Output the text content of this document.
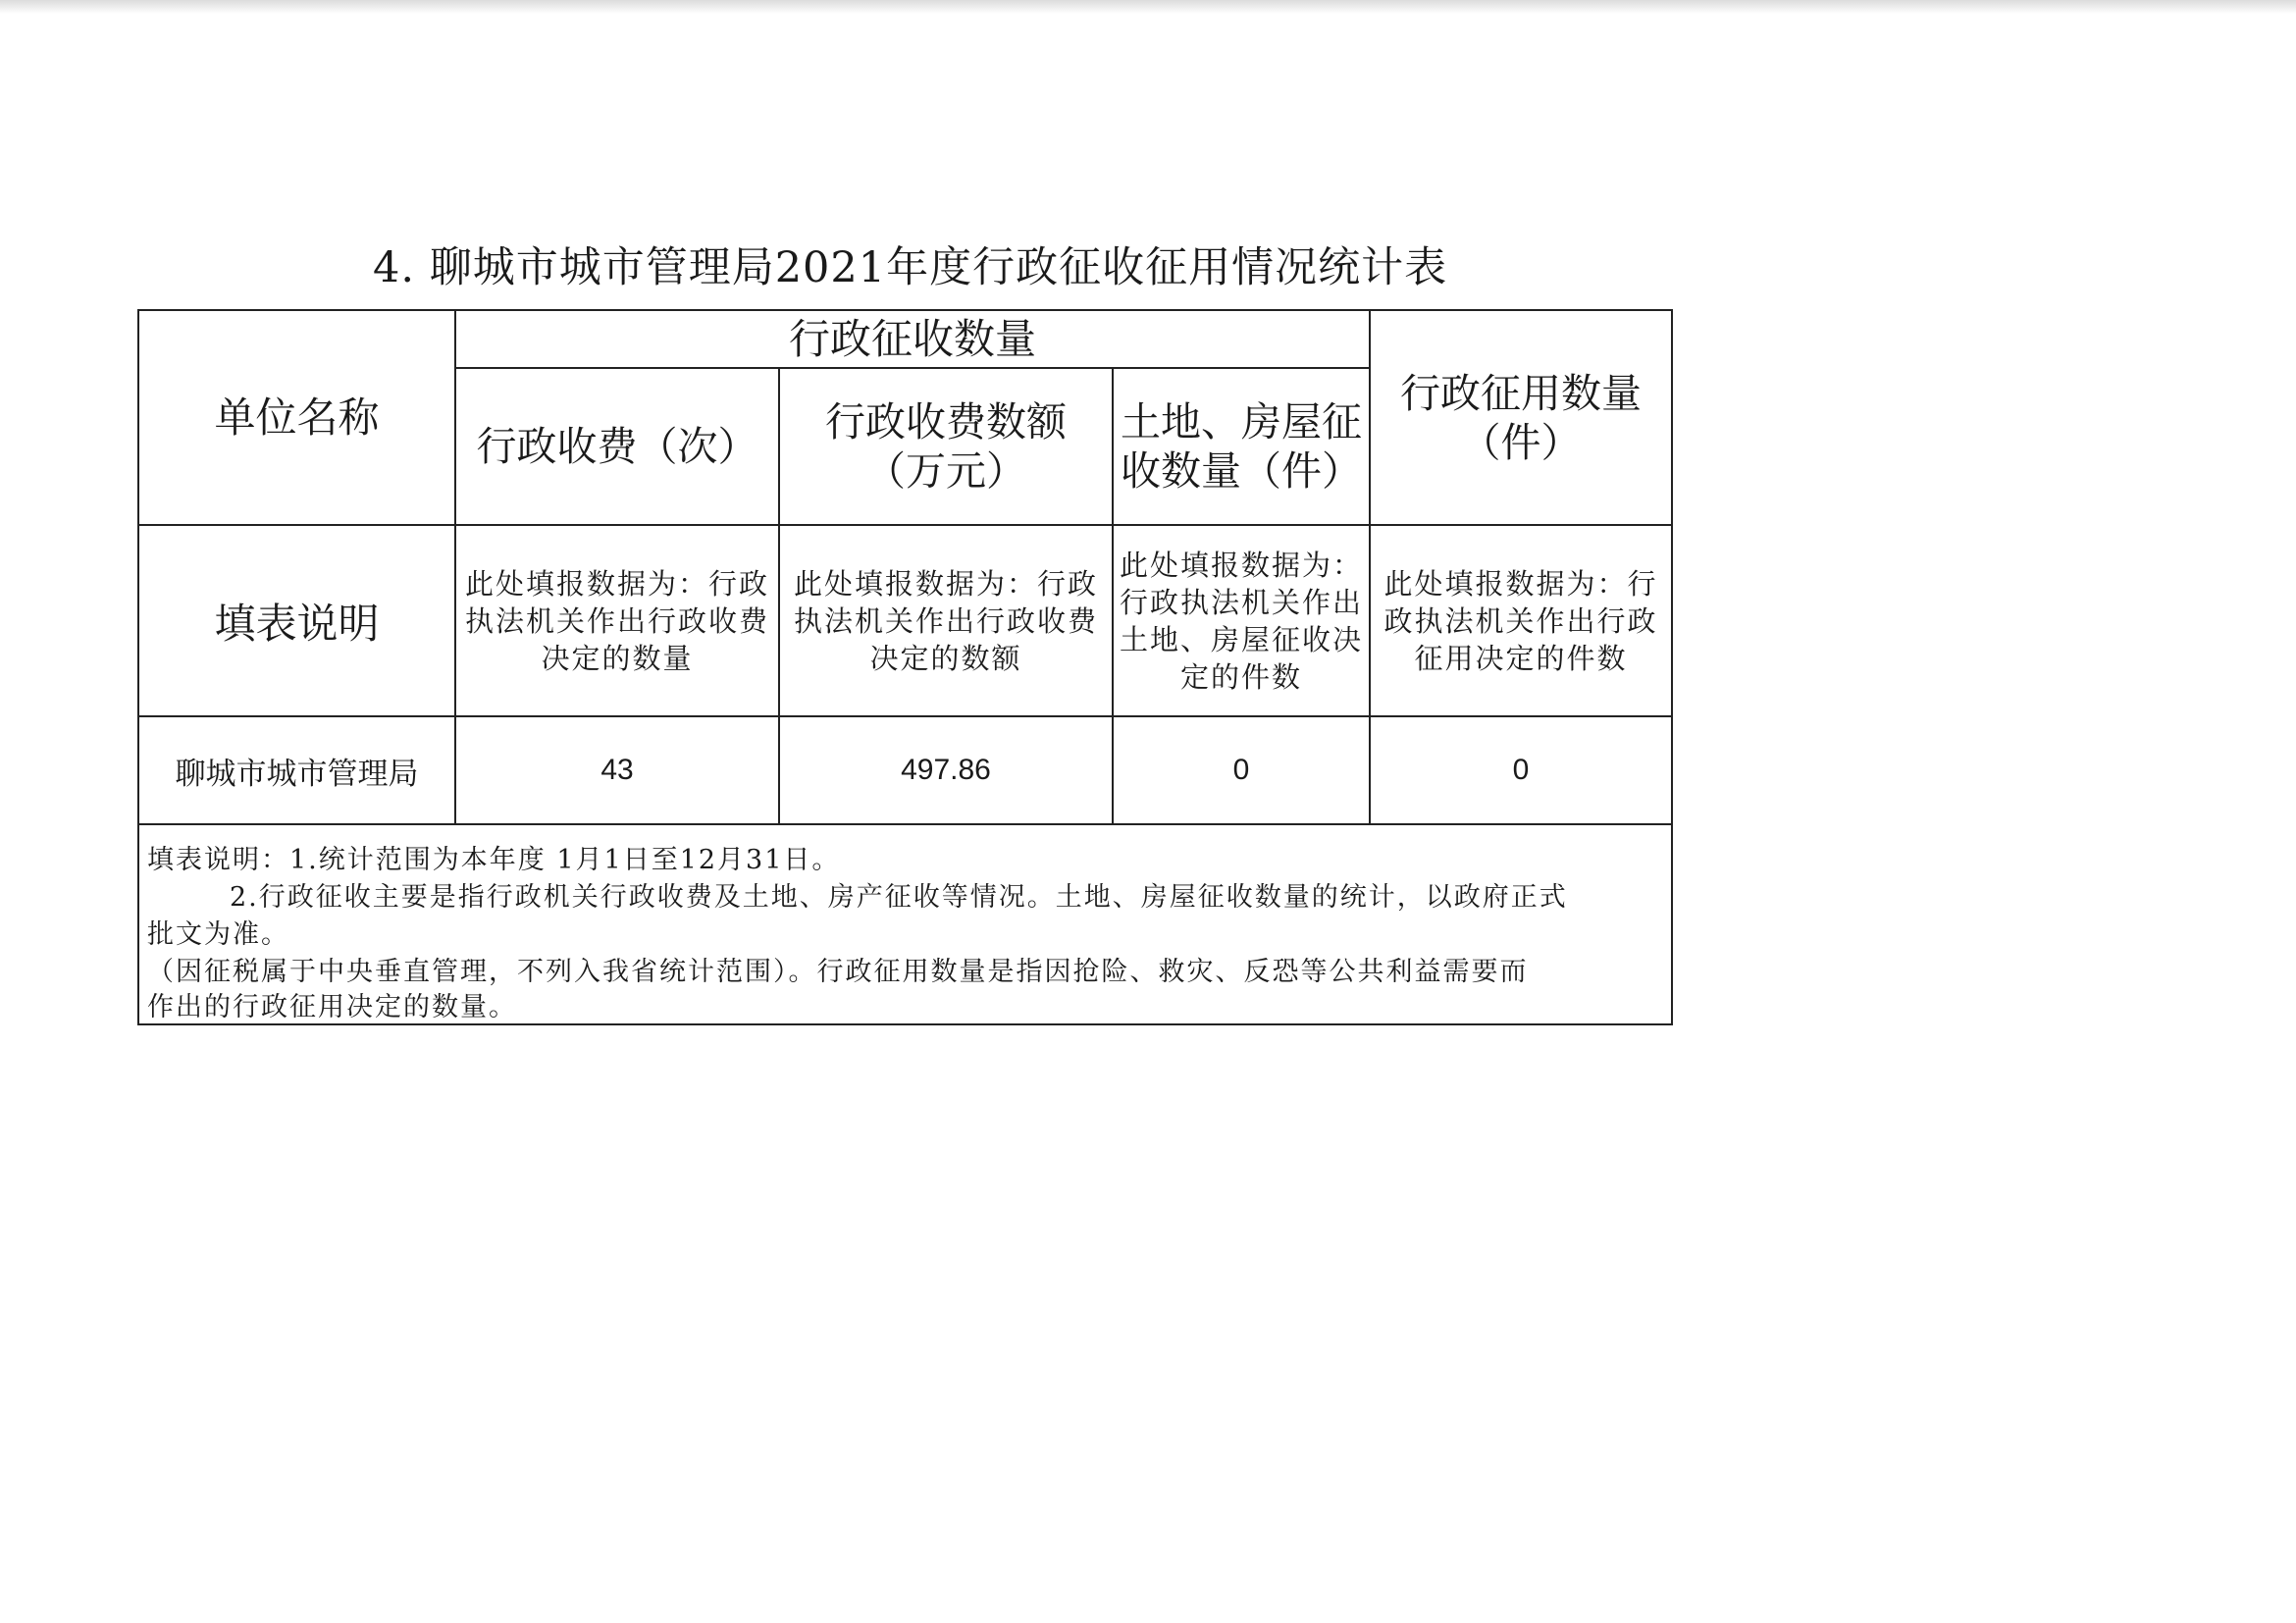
4. 聊城市城市管理局2021年度行政征收征用情况统计表
单位名称	行政征收数量			行政征用数量（件）
	行政收费（次）	行政收费数额（万元）	土地、房屋征收数量（件）	
填表说明	此处填报数据为：行政执法机关作出行政收费决定的数量	此处填报数据为：行政执法机关作出行政收费决定的数额	此处填报数据为：行政执法机关作出土地、房屋征收决定的件数	此处填报数据为：行政执法机关作出行政征用决定的件数
聊城市城市管理局	43	497.86	0	0
填表说明：1.统计范围为本年度 1月1日至12月31日。
2.行政征收主要是指行政机关行政收费及土地、房产征收等情况。土地、房屋征收数量的统计，以政府正式
批文为准。
（因征税属于中央垂直管理，不列入我省统计范围）。行政征用数量是指因抢险、救灾、反恐等公共利益需要而
作出的行政征用决定的数量。
